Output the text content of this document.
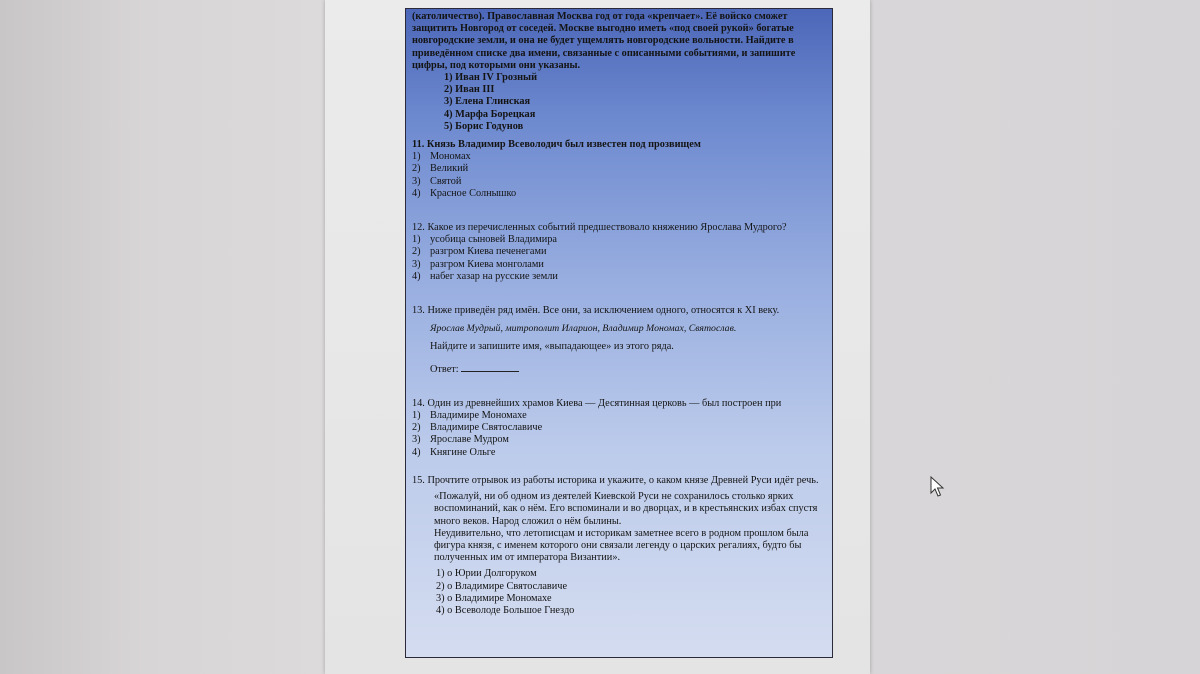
(католичество). Православная Москва год от года «крепчает». Её войско сможет защитить Новгород от соседей. Москве выгодно иметь «под своей рукой» богатые новгородские земли, и она не будет ущемлять новгородские вольности. Найдите в приведённом списке два имени, связанные с описанными событиями, и запишите цифры, под которыми они указаны.

1) Иван IV Грозный
2) Иван III
3) Елена Глинская
4) Марфа Борецкая
5) Борис Годунов

11. Князь Владимир Всеволодич был известен под прозвищем

1) Мономах
2) Великий
3) Святой
4) Красное Солнышко

12. Какое из перечисленных событий предшествовало княжению Ярослава Мудрого?

1) усобица сыновей Владимира
2) разгром Киева печенегами
3) разгром Киева монголами
4) набег хазар на русские земли

13. Ниже приведён ряд имён. Все они, за исключением одного, относятся к XI веку.

Ярослав Мудрый, митрополит Иларион, Владимир Мономах, Святослав.

Найдите и запишите имя, «выпадающее» из этого ряда.

Ответ:

14. Один из древнейших храмов Киева — Десятинная церковь — был построен при

1) Владимире Мономахе
2) Владимире Святославиче
3) Ярославе Мудром
4) Княгине Ольге

15. Прочтите отрывок из работы историка и укажите, о каком князе Древней Руси идёт речь.

«Пожалуй, ни об одном из деятелей Киевской Руси не сохранилось столько ярких воспоминаний, как о нём. Его вспоминали и во дворцах, и в крестьянских избах спустя много веков. Народ сложил о нём былины.

Неудивительно, что летописцам и историкам заметнее всего в родном прошлом была фигура князя, с именем которого они связали легенду о царских регалиях, будто бы полученных им от императора Византии».

1) о Юрии Долгоруком
2) о Владимире Святославиче
3) о Владимире Мономахе
4) о Всеволоде Большое Гнездо
